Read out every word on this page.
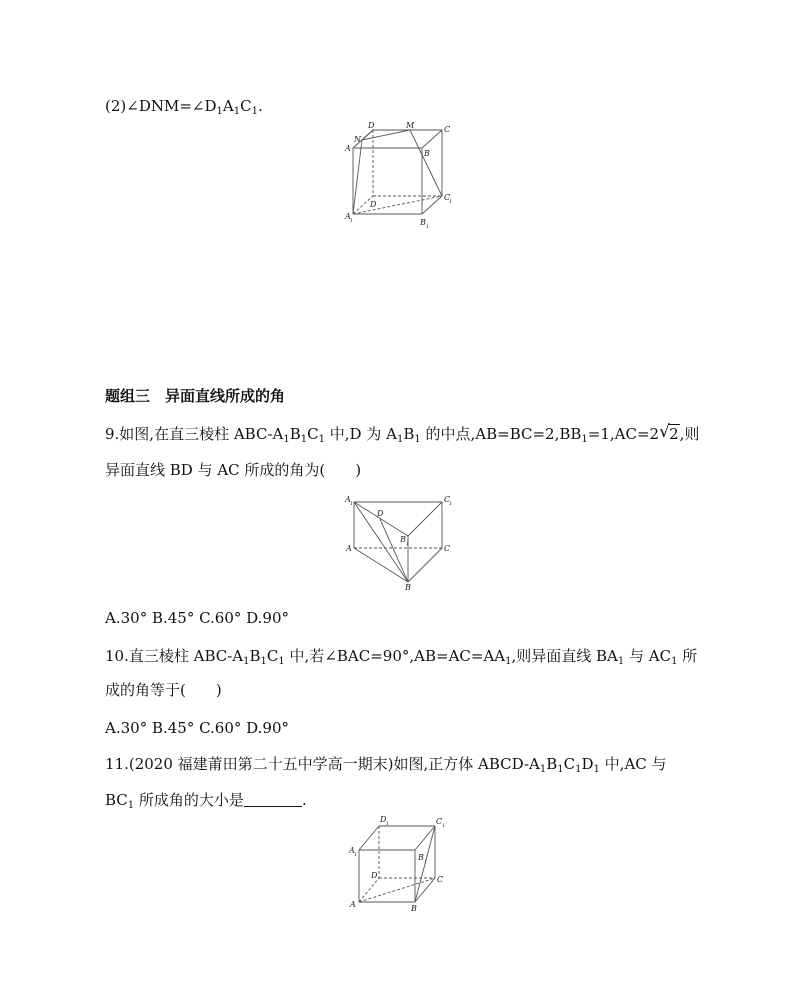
$(2)\angle DNM=\angle D_1A_1C_1$.
N
D	M	C
A
B
D
C
1
A 1	B 1
题组三　异面直线所成的角
9.如图,在直三棱柱 ABC-$A_1B_1C_1$ 中,D 为 $A_1B_1$ 的中点$,AB=BC=2,BB_1=1,AC=2$ √ 2,则
异面直线 BD 与 AC 所成的角为(　　)
A 1	C
1
D
B 1
A	C
B
A.30° B.45° C.60° D.90°
10.直三棱柱 ABC-$A_1B_1C_1$ 中,若$\angle BAC=90^\circ,AB=AC=AA_1$,则异面直线 $BA_1$ 与 $AC_1$ 所
成的角等于(　　)
A.30° B.45° C.60° D.90°
11.(2020 福建莆田第二十五中学高一期末)如图,正方体 ABCD-$A_1B_1C_1D_1$ 中,AC 与
$BC_1$ 所成角的大小是	.
D 1	C 1
A 1	B 1
D	C
A	B
